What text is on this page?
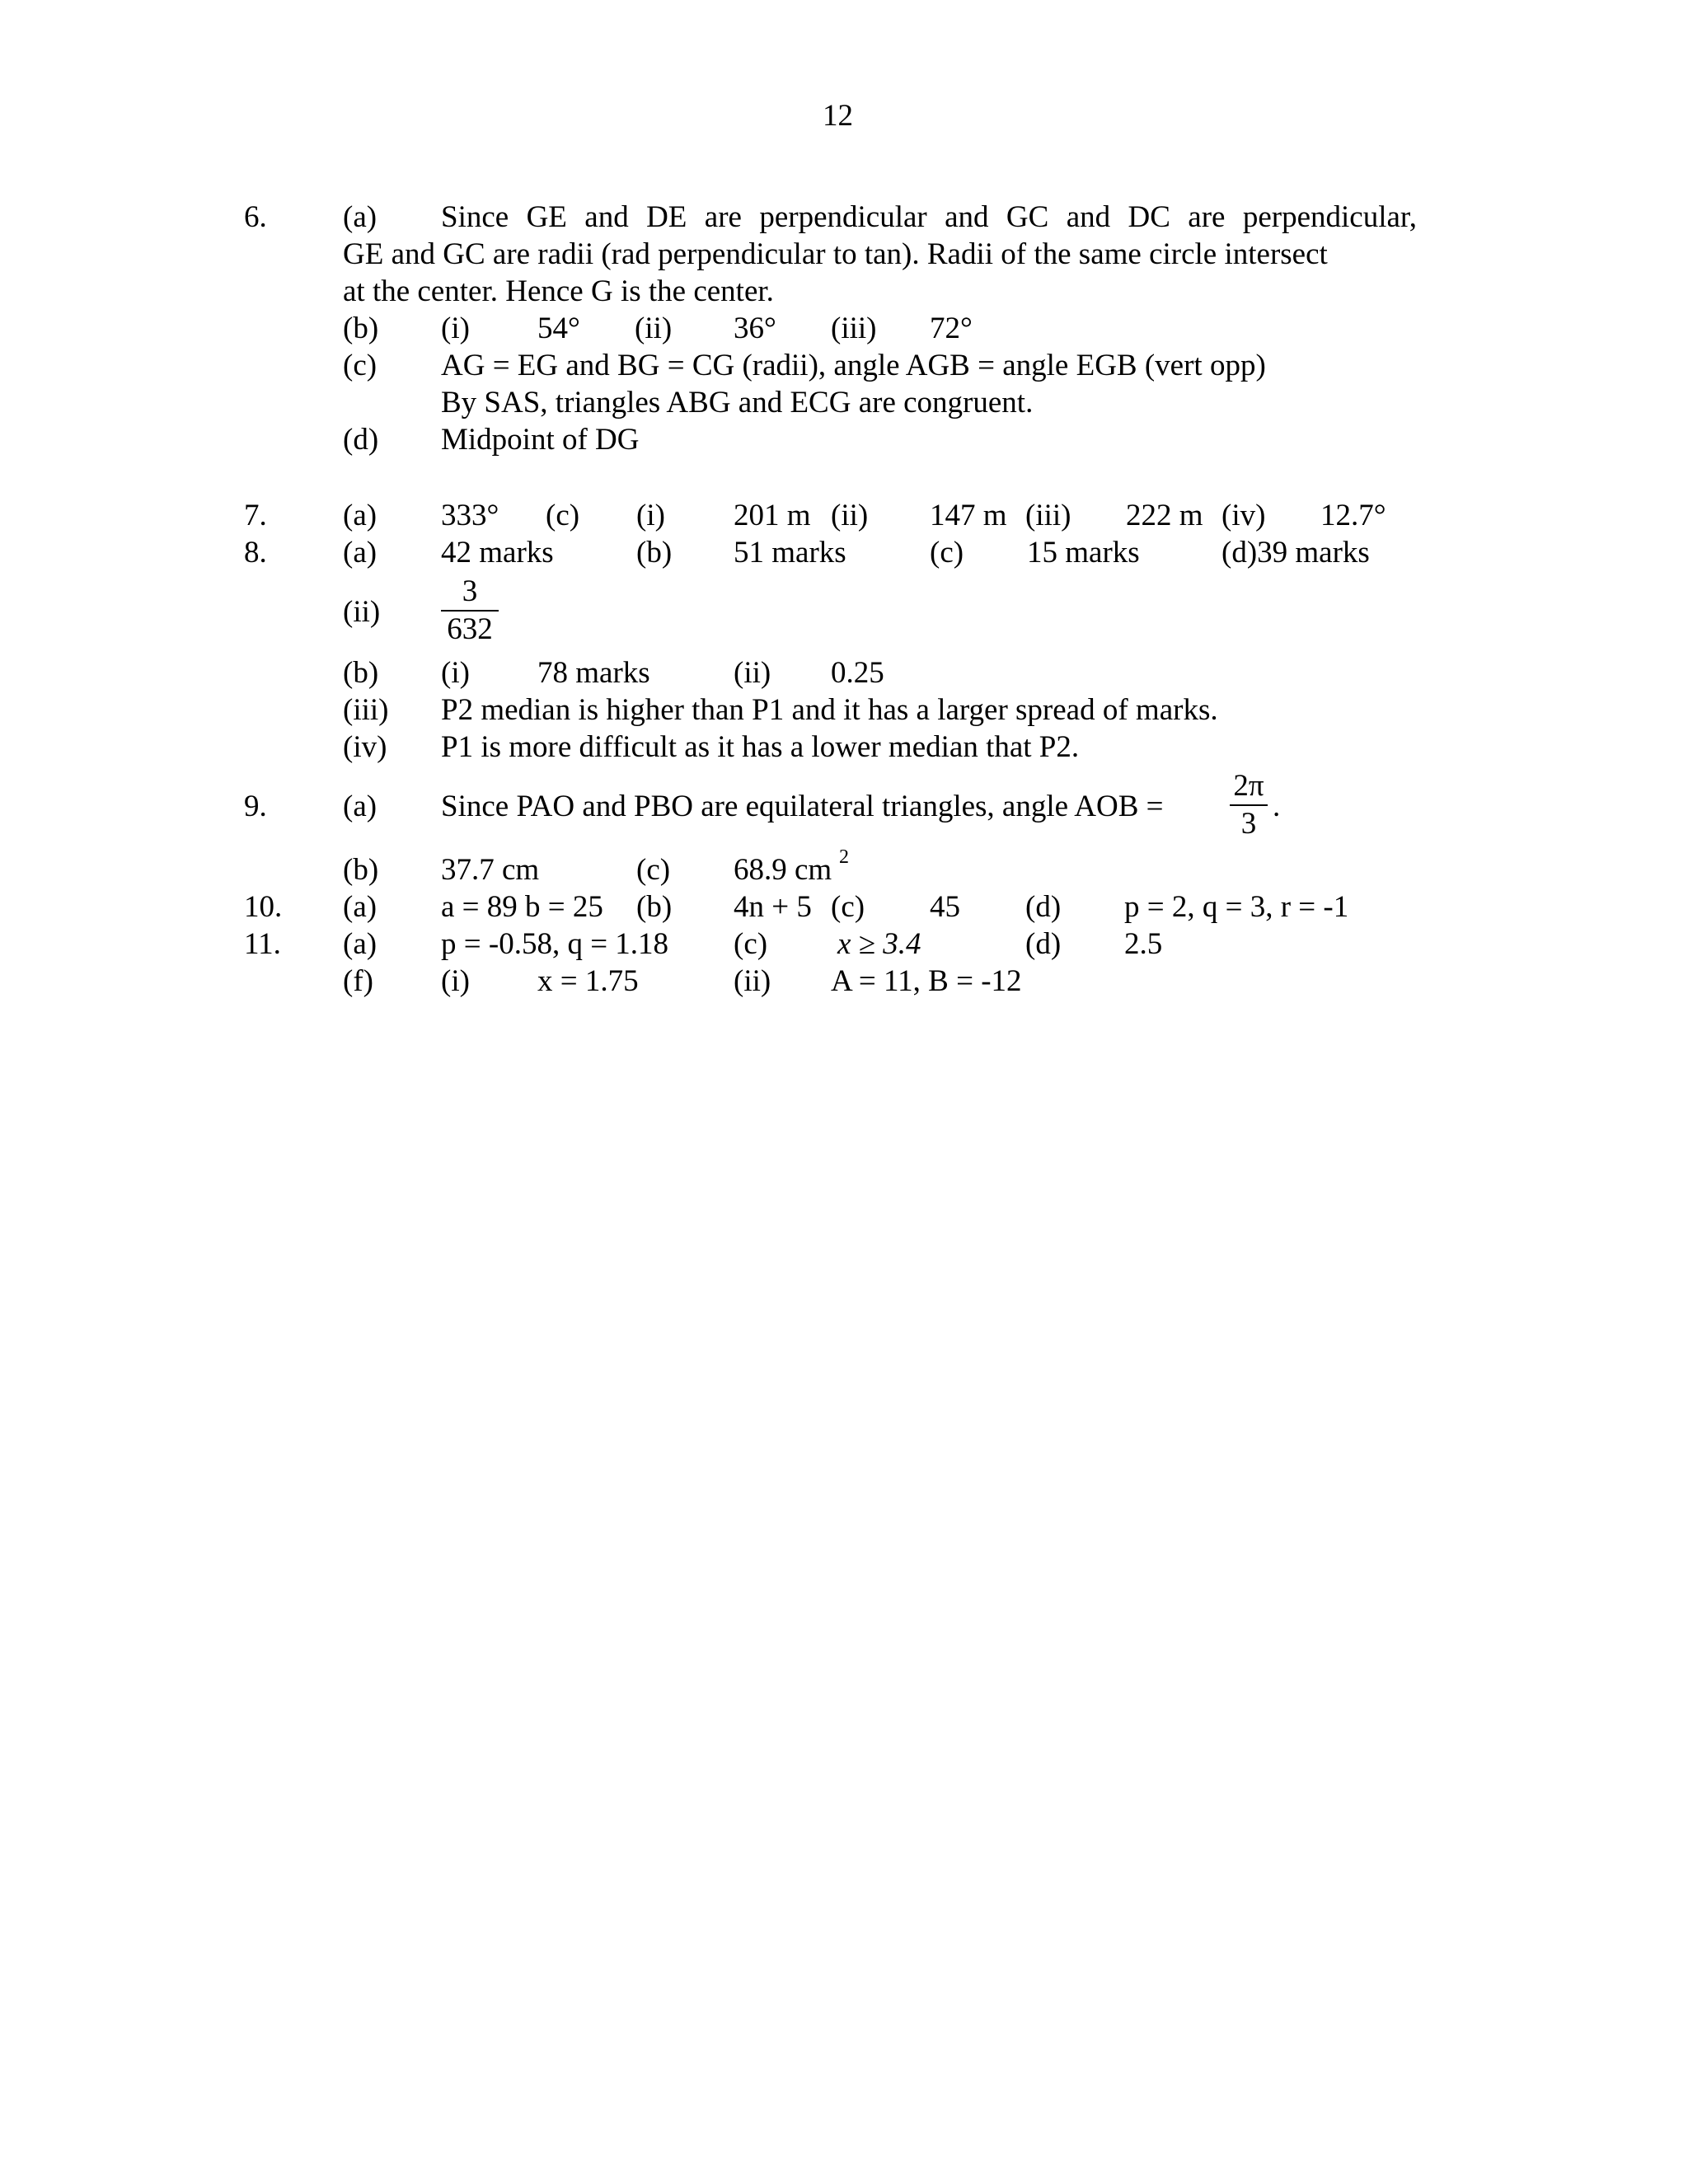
12
6. (a) Since GE and DE are perpendicular and GC and DC are perpendicular,
GE and GC are radii (rad perpendicular to tan). Radii of the same circle intersect
at the center. Hence G is the center.
(b) (i) 54° (ii) 36° (iii) 72°
(c) AG = EG and BG = CG (radii), angle AGB = angle EGB (vert opp)
By SAS, triangles ABG and ECG are congruent.
(d) Midpoint of DG
7. (a) 333° (c) (i) 201 m (ii) 147 m (iii) 222 m (iv) 12.7°
8. (a) 42 marks	(b) 51 marks	(c) 15 marks	(d)39 marks
$(ii) \frac{3}{632}$
(b) (i) 78 marks	(ii) 0.25
(iii) P2 median is higher than P1 and it has a larger spread of marks.
(iv) P1 is more difficult as it has a lower median that P2.
9. (a) Since PAO and PBO are equilateral triangles, angle AOB = $\frac{2\pi}{3}$ .
(b) 37.7 cm	(c) 68.9 cm 2
10. (a) a = 89 b = 25 (b) 4n + 5 (c) 45 (d) p = 2, q = 3, r = -1
11. (a) p = -0.58, q = 1.18 (c) x ≥ 3.4	(d) 2.5
(f) (i) x = 1.75	(ii) A = 11, B = -12
